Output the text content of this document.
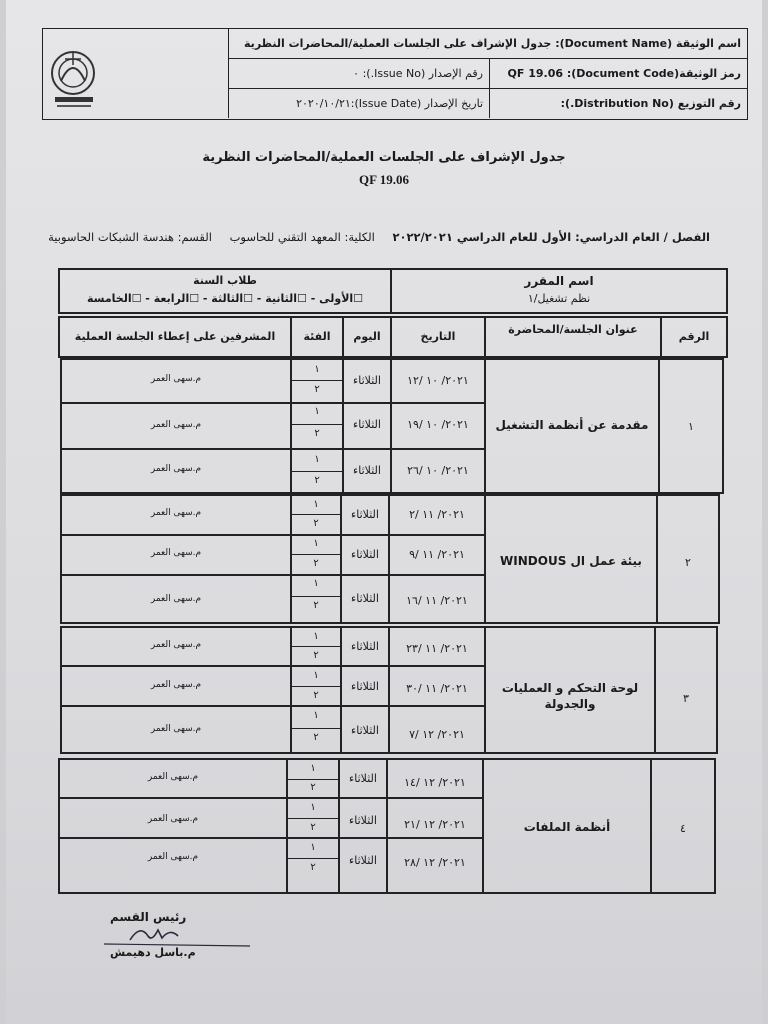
اسم الوثيقة (Document Name):

جدول الإشراف على الجلسات العملية/المحاضرات النظرية
رمز الوثيقة(Document Code): QF 19.06
رقم الإصدار (Issue No.): ٠
رقم التوزيع (Distribution No.):
تاريخ الإصدار (Issue Date):٢٠٢٠/١٠/٢١
جدول الإشراف على الجلسات العملية/المحاضرات النظرية
QF 19.06
الفصل / العام الدراسي: الأول للعام الدراسي ٢٠٢٢/٢٠٢١ الكلية: المعهد التقني للحاسوب القسم: هندسة الشبكات الحاسوبية
اسم المقرر
نظم تشغيل/١
طلاب السنة
☐الأولى - ☐الثانية - ☐الثالثة - ☐الرابعة - ☐الخامسة
الرقم
عنوان الجلسة/المحاضرة
التاريخ
اليوم
الفئة
المشرفين على إعطاء الجلسة العملية
١
مقدمة عن أنظمة التشغيل
٢٠٢١/ ١٠ /١٢
الثلاثاء
١
٢
م.سهى العمر
٢٠٢١/ ١٠ /١٩
الثلاثاء
١
٢
م.سهى العمر
٢٠٢١/ ١٠ /٢٦
الثلاثاء
١
٢
م.سهى العمر
٢
بيئة عمل ال WINDOUS
٢٠٢١/ ١١ /٢
الثلاثاء
١
٢
م.سهى العمر
٢٠٢١/ ١١ /٩
الثلاثاء
١
٢
م.سهى العمر
٢٠٢١/ ١١ /١٦
الثلاثاء
١
٢
م.سهى العمر
٣
لوحة التحكم و العمليات والجدولة
٢٠٢١/ ١١ /٢٣
الثلاثاء
١
٢
م.سهى العمر
٢٠٢١/ ١١ /٣٠
الثلاثاء
١
٢
م.سهى العمر
٢٠٢١/ ١٢ /٧
الثلاثاء
١
٢
م.سهى العمر
٤
أنظمة الملفات
٢٠٢١/ ١٢ /١٤
الثلاثاء
١
٢
م.سهى العمر
٢٠٢١/ ١٢ /٢١
الثلاثاء
١
٢
م.سهى العمر
٢٠٢١/ ١٢ /٢٨
الثلاثاء
١
٢
م.سهى العمر
رئيس القسم
م.باسل دهيمش
